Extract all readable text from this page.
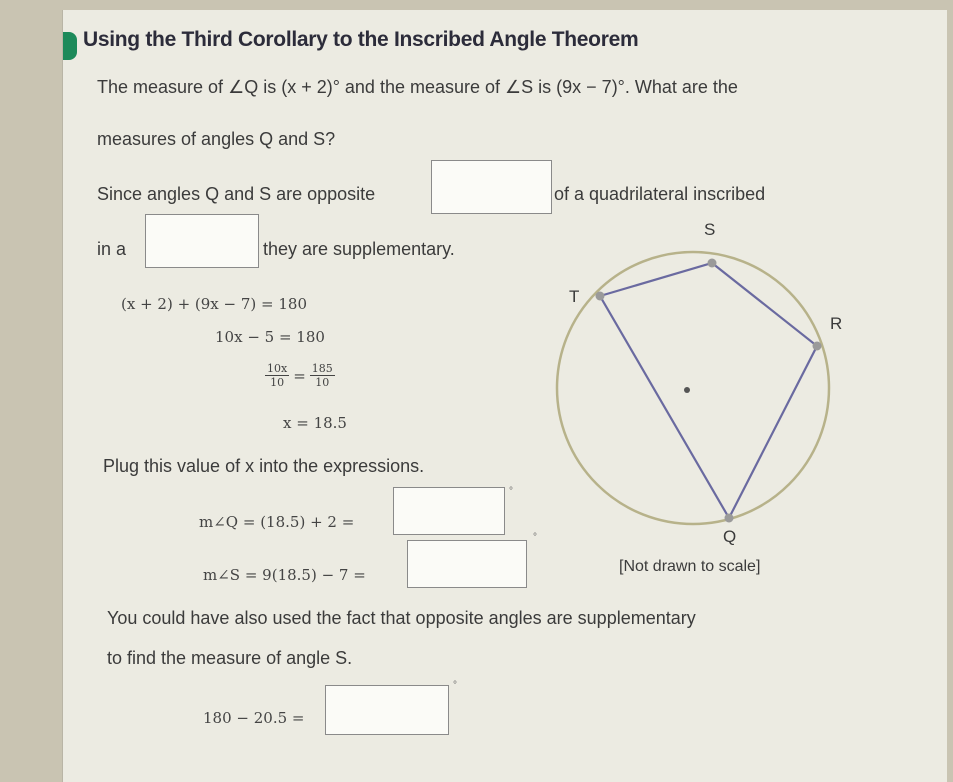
Using the Third Corollary to the Inscribed Angle Theorem
The measure of ∠Q is (x + 2)° and the measure of ∠S is (9x − 7)°. What are the
measures of angles Q and S?
Since angles Q and S are opposite	of a quadrilateral inscribed
in a	they are supplementary.
(x + 2) + (9x − 7) = 180
10x − 5 = 180
$\frac{10x}{10} = \frac{185}{10}$
x = 18.5
Plug this value of x into the expressions.
m∠Q = (18.5) + 2 =
°
m∠S = 9(18.5) − 7 =
°
You could have also used the fact that opposite angles are supplementary
to find the measure of angle S.
180 − 20.5 =
°
S
T
R
Q
[Not drawn to scale]
